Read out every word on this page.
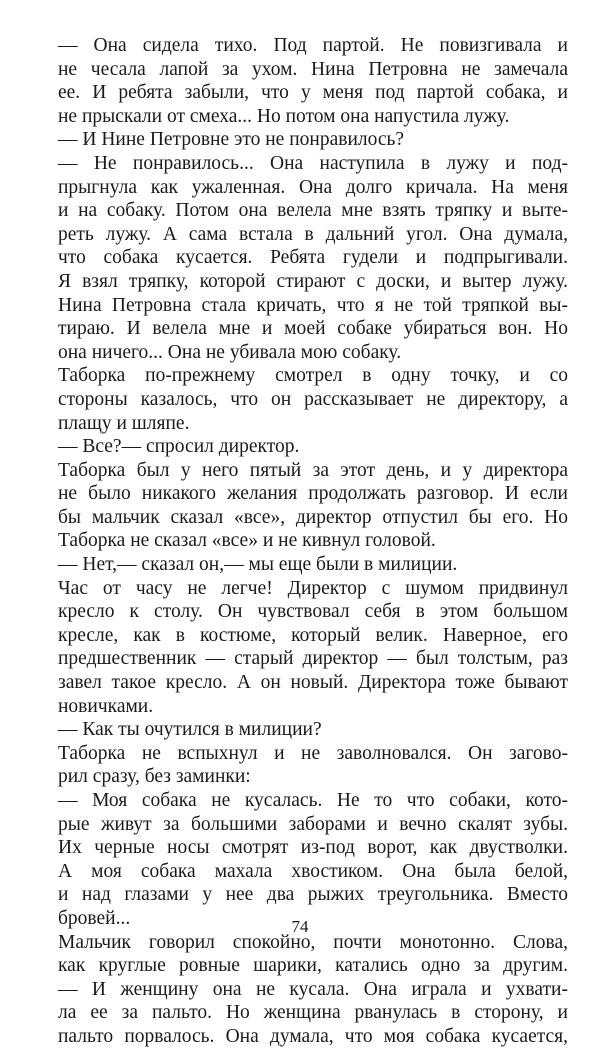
— Она сидела тихо. Под партой. Не повизгивала и
не чесала лапой за ухом. Нина Петровна не замечала
ее. И ребята забыли, что у меня под партой собака, и
не прыскали от смеха... Но потом она напустила лужу.
— И Нине Петровне это не понравилось?
— Не понравилось... Она наступила в лужу и под-
прыгнула как ужаленная. Она долго кричала. На меня
и на собаку. Потом она велела мне взять тряпку и выте-
реть лужу. А сама встала в дальний угол. Она думала,
что собака кусается. Ребята гудели и подпрыгивали.
Я взял тряпку, которой стирают с доски, и вытер лужу.
Нина Петровна стала кричать, что я не той тряпкой вы-
тираю. И велела мне и моей собаке убираться вон. Но
она ничего... Она не убивала мою собаку.
Таборка по-прежнему смотрел в одну точку, и со
стороны казалось, что он рассказывает не директору, а
плащу и шляпе.
— Все?— спросил директор.
Таборка был у него пятый за этот день, и у директора
не было никакого желания продолжать разговор. И если
бы мальчик сказал «все», директор отпустил бы его. Но
Таборка не сказал «все» и не кивнул головой.
— Нет,— сказал он,— мы еще были в милиции.
Час от часу не легче! Директор с шумом придвинул
кресло к столу. Он чувствовал себя в этом большом
кресле, как в костюме, который велик. Наверное, его
предшественник — старый директор — был толстым, раз
завел такое кресло. А он новый. Директора тоже бывают
новичками.
— Как ты очутился в милиции?
Таборка не вспыхнул и не заволновался. Он загово-
рил сразу, без заминки:
— Моя собака не кусалась. Не то что собаки, кото-
рые живут за большими заборами и вечно скалят зубы.
Их черные носы смотрят из-под ворот, как двустволки.
А моя собака махала хвостиком. Она была белой,
и над глазами у нее два рыжих треугольника. Вместо
бровей...
Мальчик говорил спокойно, почти монотонно. Слова,
как круглые ровные шарики, катались одно за другим.
— И женщину она не кусала. Она играла и ухвати-
ла ее за пальто. Но женщина рванулась в сторону, и
пальто порвалось. Она думала, что моя собака кусается,
74
